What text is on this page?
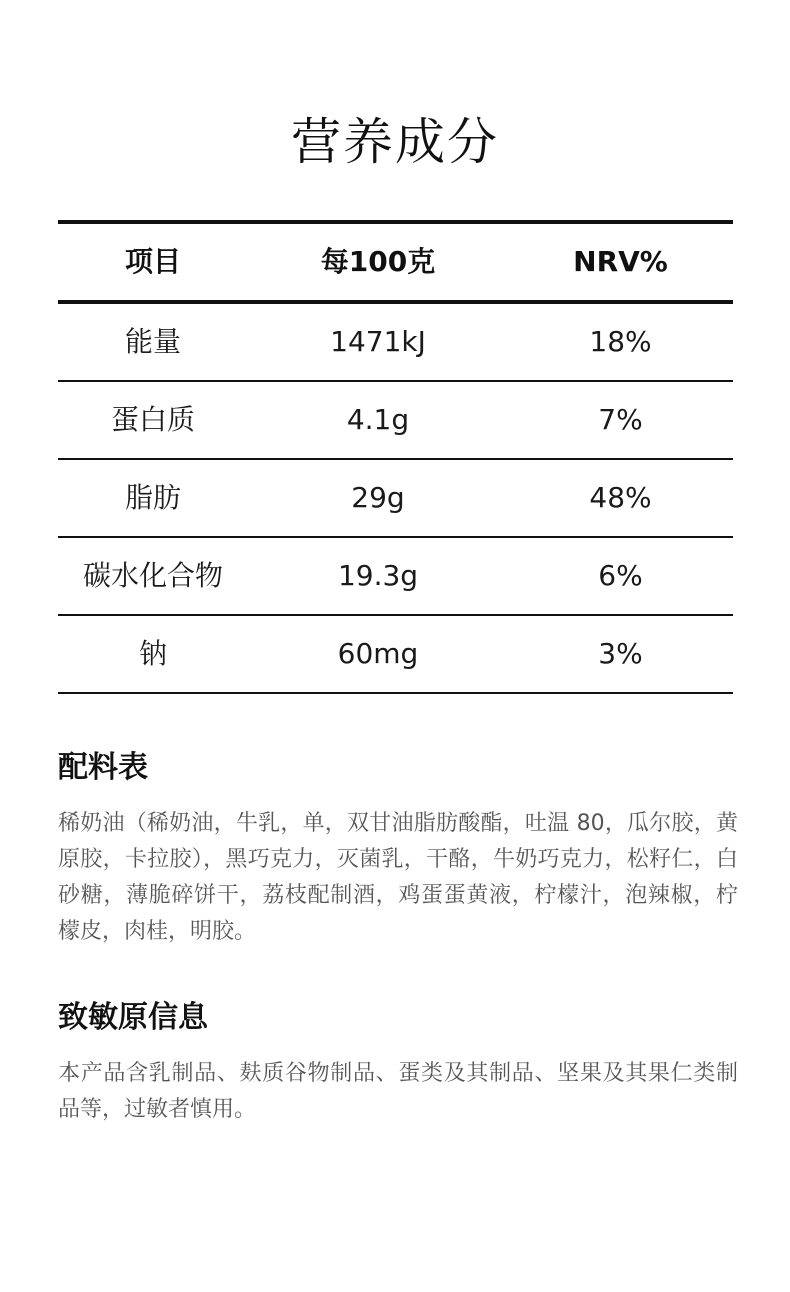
营养成分
项目	每100克	NRV%
能量	1471kJ	18%
蛋白质	4.1g	7%
脂肪	29g	48%
碳水化合物	19.3g	6%
钠	60mg	3%
配料表

稀奶油（稀奶油，牛乳，单，双甘油脂肪酸酯，吐温 80，瓜尔胶，黄原胶，卡拉胶），黑巧克力，灭菌乳，干酪，牛奶巧克力，松籽仁，白砂糖，薄脆碎饼干，荔枝配制酒，鸡蛋蛋黄液，柠檬汁，泡辣椒，柠檬皮，肉桂，明胶。

致敏原信息

本产品含乳制品、麸质谷物制品、蛋类及其制品、坚果及其果仁类制品等，过敏者慎用。
